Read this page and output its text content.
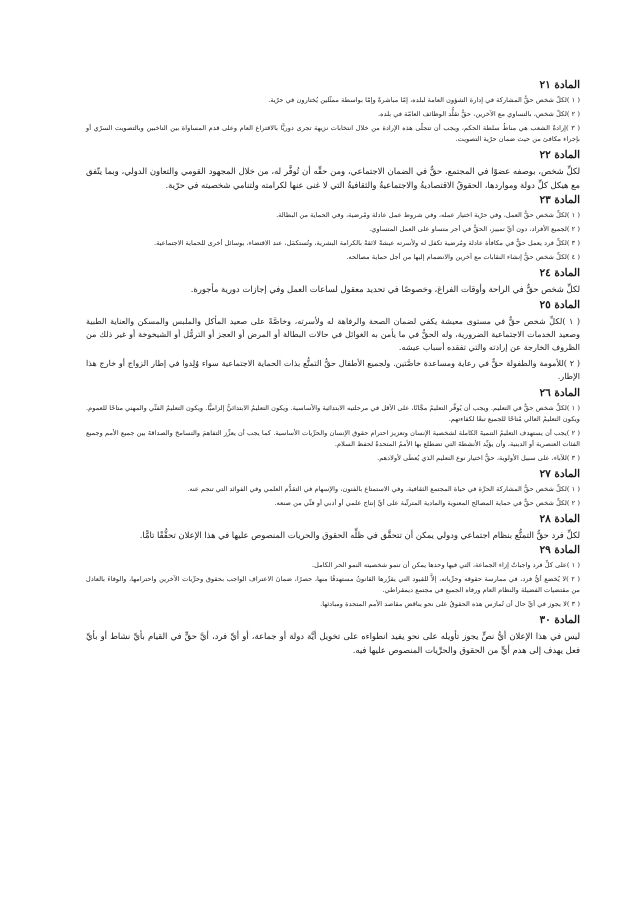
المادة ٢١

( ١ )لكلّ شخص حقُّ المشاركة في إدارة الشؤون العامة لبلده، إمّا مباشرةً وإمّا بواسطة ممثّلين يُختارون في حرّية.

( ٢ )لكلّ شخص، بالتساوي مع الآخرين، حقُّ تقلُّد الوظائف العامّة في بلده.

( ٣ )إرادةُ الشعب هي مناطُ سلطة الحكم، ويجب أن تتجلّى هذه الإرادة من خلال انتخابات نزيهة تجرى دوريًّا بالاقتراع العام وعلى قدم المساواة بين الناخبين وبالتصويت السرّي أو بإجراء مكافئ من حيث ضمان حرّية التصويت.

المادة ٢٢

لكلِّ شخص، بوصفه عضوًا في المجتمع، حقٌّ في الضمان الاجتماعي، ومن حقِّه أن تُوفَّر له، من خلال المجهود القومي والتعاون الدولي، وبما يتّفق مع هيكل كلِّ دولة ومواردها، الحقوقُ الاقتصاديةُ والاجتماعيةُ والثقافيةُ التي لا غنى عنها لكرامته ولتنامي شخصيته في حرّية.

المادة ٢٣

( ١ )لكلِّ شخص حقُّ العمل، وفي حرّية اختيار عمله، وفي شروط عمل عادلة ومُرضية، وفي الحماية من البطالة.

( ٢ )لجميع الأفراد، دون أيِّ تمييز، الحقُّ في أجر متساو على العمل المتساوي.

( ٣ )لكلِّ فرد يعمل حقٌّ في مكافأة عادلة ومُرضية تكفل له ولأسرته عيشةً لائقةً بالكرامة البشرية، وتُستكمَل، عند الاقتضاء، بوسائل أخرى للحماية الاجتماعية.

( ٤ )لكلِّ شخص حقُّ إنشاء النقابات مع آخرين والانضمام إليها من أجل حماية مصالحه.

المادة ٢٤

لكلِّ شخص حقٌّ في الراحة وأوقات الفراغ، وخصوصًا في تحديد معقول لساعات العمل وفي إجازات دورية مأجورة.

المادة ٢٥

( ١ )لكلِّ شخص حقٌّ في مستوى معيشة يكفي لضمان الصحة والرفاهة له ولأسرته، وخاصَّةً على صعيد المأكل والملبس والمسكن والعناية الطبية وصعيد الخدمات الاجتماعية الضرورية، وله الحقُّ في ما يأمن به الغوائل في حالات البطالة أو المرض أو العجز أو الترمُّل أو الشيخوخة أو غير ذلك من الظروف الخارجة عن إرادته والتي تفقده أسباب عيشه.

( ٢ )للأمومة والطفولة حقٌّ في رعاية ومساعدة خاصَّتين. ولجميع الأطفال حقُّ التمتُّع بذات الحماية الاجتماعية سواء وُلِدوا في إطار الزواج أو خارج هذا الإطار.

المادة ٢٦

( ١ )لكلِّ شخص حقٌّ في التعليم. ويجب أن يُوفَّر التعليمُ مجَّانًا، على الأقل في مرحلتيه الابتدائية والأساسية. ويكون التعليمُ الابتدائيُّ إلزاميًّا. ويكون التعليمُ الفنِّي والمهني متاحًا للعموم. ويكون التعليمُ العالي مُتاحًا للجميع تبعًا لكفاءتهم.

( ٢ )يجب أن يستهدف التعليمُ التنميةَ الكاملة لشخصية الإنسان وتعزيز احترام حقوق الإنسان والحرِّيات الأساسية. كما يجب أن يعزِّز التفاهمَ والتسامحَ والصداقةَ بين جميع الأمم وجميع الفئات العنصرية أو الدينية، وأن يؤيِّد الأنشطةَ التي تضطلع بها الأممُ المتحدةُ لحفظ السلام.

( ٣ )للآباء، على سبيل الأولوية، حقُّ اختيار نوع التعليم الذي يُعطَى لأولادهم.

المادة ٢٧

( ١ )لكلِّ شخص حقُّ المشاركة الحرَّة في حياة المجتمع الثقافية، وفي الاستمتاع بالفنون، والإسهام في التقدُّم العلمي وفي الفوائد التي تنجم عنه.

( ٢ )لكلِّ شخص حقٌّ في حماية المصالح المعنوية والمادية المترتِّبة على أيِّ إنتاج علمي أو أدبي أو فنِّي من صنعه.

المادة ٢٨

لكلِّ فرد حقُّ التمتُّع بنظام اجتماعي ودولي يمكن أن تتحقَّق في ظلِّه الحقوق والحريات المنصوص عليها في هذا الإعلان تحقُّقًا تامًّا.

المادة ٢٩

( ١ )على كلِّ فرد واجباتٌ إزاء الجماعة، التي فيها وحدها يمكن أن تنمو شخصيته النمو الحر الكامل.

( ٢ )لا يُخضع أيُّ فرد، في ممارسة حقوقه وحرِّياته، إلاَّ للقيود التي يقرِّرها القانونُ مستهدفًا منها، حصرًا، ضمانَ الاعتراف الواجب بحقوق وحرِّيات الآخرين واحترامها، والوفاءَ بالعادل من مقتضيات الفضيلة والنظام العام ورفاه الجميع في مجتمع ديمقراطي.

( ٣ )لا يجوز في أيِّ حال أن تُمارَس هذه الحقوقُ على نحو يناقض مقاصد الأمم المتحدة ومبادئها.

المادة ٣٠

ليس في هذا الإعلان أيُّ نصٍّ يجوز تأويله على نحو يفيد انطواءه على تخويل أيَّة دولة أو جماعة، أو أيِّ فرد، أيَّ حقٍّ في القيام بأيِّ نشاط أو بأيِّ فعل يهدف إلى هدم أيٍّ من الحقوق والحرِّيات المنصوص عليها فيه.
